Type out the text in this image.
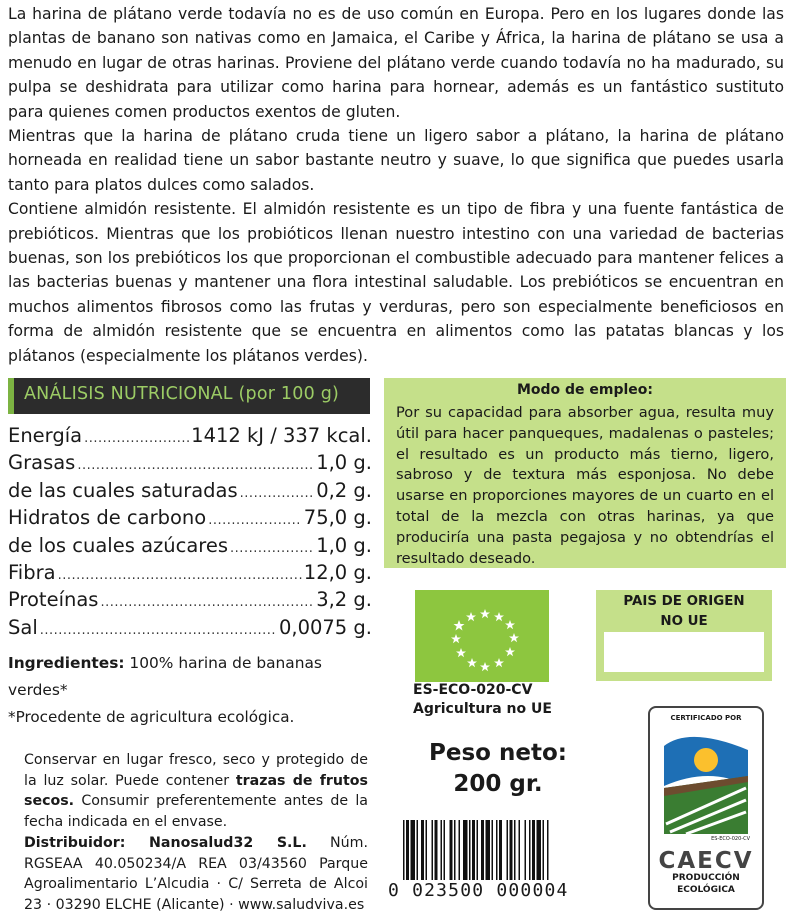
La harina de plátano verde todavía no es de uso común en Europa. Pero en los lugares donde las plantas de banano son nativas como en Jamaica, el Caribe y África, la harina de plátano se usa a menudo en lugar de otras harinas. Proviene del plátano verde cuando todavía no ha madurado, su pulpa se deshidrata para utilizar como harina para hornear, además es un fantástico sustituto para quienes comen productos exentos de gluten.

Mientras que la harina de plátano cruda tiene un ligero sabor a plátano, la harina de plátano horneada en realidad tiene un sabor bastante neutro y suave, lo que significa que puedes usarla tanto para platos dulces como salados.

Contiene almidón resistente. El almidón resistente es un tipo de fibra y una fuente fantástica de prebióticos. Mientras que los probióticos llenan nuestro intestino con una variedad de bacterias buenas, son los prebióticos los que proporcionan el combustible adecuado para mantener felices a las bacterias buenas y mantener una flora intestinal saludable. Los prebióticos se encuentran en muchos alimentos fibrosos como las frutas y verduras, pero son especialmente beneficiosos en forma de almidón resistente que se encuentra en alimentos como las patatas blancas y los plátanos (especialmente los plátanos verdes).

ANÁLISIS NUTRICIONAL (por 100 g)
Energía .....	1412 kJ / 337 kcal.
Grasas .....	1,0 g.
de las cuales saturadas .....	0,2 g.
Hidratos de carbono .....	75,0 g.
de los cuales azúcares .....	1,0 g.
Fibra .....	12,0 g.
Proteínas .....	3,2 g.
Sal .....	0,0075 g.
Ingredientes: 100% harina de bananas verdes*
*Procedente de agricultura ecológica.
Conservar en lugar fresco, seco y protegido de la luz solar. Puede contener trazas de frutos secos. Consumir preferentemente antes de la fecha indicada en el envase.
Distribuidor: Nanosalud32 S.L. Núm. RGSEAA 40.050234/A REA 03/43560 Parque Agroalimentario L’Alcudia · C/ Serreta de Alcoi 23 · 03290 ELCHE (Alicante) · www.saludviva.es
Modo de empleo:
Por su capacidad para absorber agua, resulta muy útil para hacer panqueques, madalenas o pasteles; el resultado es un producto más tierno, ligero, sabroso y de textura más esponjosa. No debe usarse en proporciones mayores de un cuarto en el total de la mezcla con otras harinas, ya que produciría una pasta pegajosa y no obtendrías el resultado deseado.
ES-ECO-020-CV
Agricultura no UE
PAIS DE ORIGEN
NO UE
Peso neto:
200 gr.
0 023500 000004
CERTIFICADO POR
ES-ECO-020-CV
CAECV
PRODUCCIÓN
ECOLÓGICA
